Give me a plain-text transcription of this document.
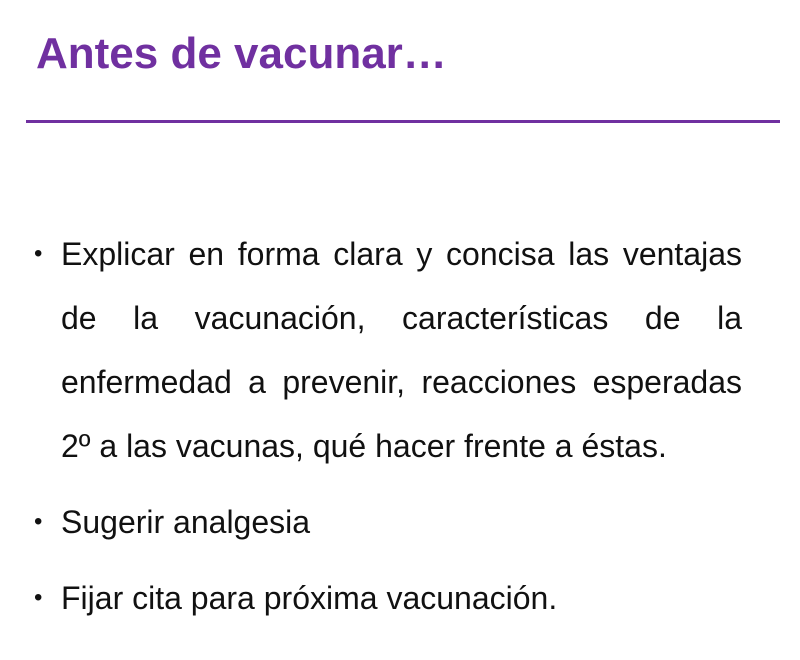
Antes de vacunar…
• Explicar en forma clara y concisa las ventajas de la vacunación, características de la enfermedad a prevenir, reacciones esperadas 2º a las vacunas, qué hacer frente a éstas.
• Sugerir analgesia
• Fijar cita para próxima vacunación.
